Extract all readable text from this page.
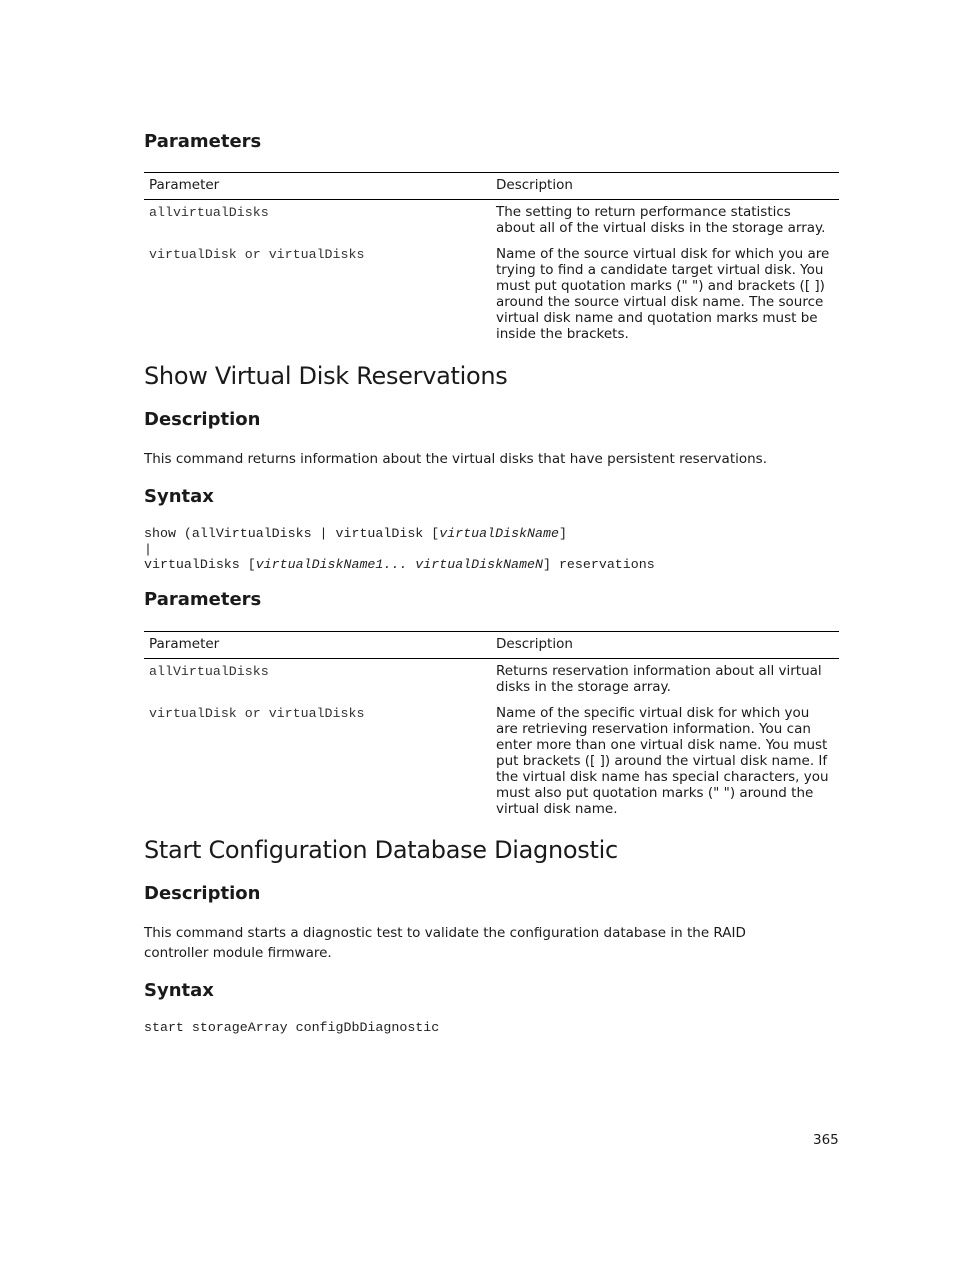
Parameters
Parameter	Description
allvirtualDisks	The setting to return performance statistics about all of the virtual disks in the storage array.
virtualDisk or virtualDisks	Name of the source virtual disk for which you are trying to find a candidate target virtual disk. You must put quotation marks (" ") and brackets ([ ]) around the source virtual disk name. The source virtual disk name and quotation marks must be inside the brackets.
Show Virtual Disk Reservations
Description

This command returns information about the virtual disks that have persistent reservations.

Syntax
show (allVirtualDisks | virtualDisk [virtualDiskName]
|
virtualDisks [virtualDiskName1... virtualDiskNameN] reservations
Parameters
Parameter	Description
allVirtualDisks	Returns reservation information about all virtual disks in the storage array.
virtualDisk or virtualDisks	Name of the specific virtual disk for which you are retrieving reservation information. You can enter more than one virtual disk name. You must put brackets ([ ]) around the virtual disk name. If the virtual disk name has special characters, you must also put quotation marks (" ") around the virtual disk name.
Start Configuration Database Diagnostic
Description

This command starts a diagnostic test to validate the configuration database in the RAID controller module firmware.

Syntax
start storageArray configDbDiagnostic
365
